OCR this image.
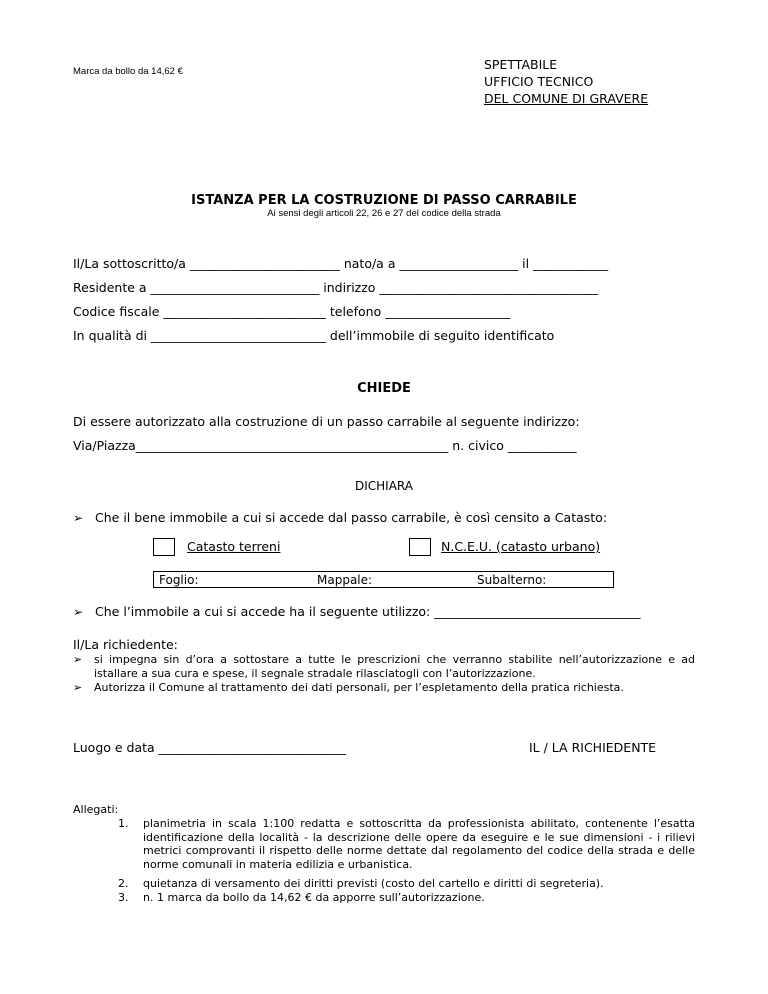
Marca da bollo da 14,62 €	SPETTABILE
UFFICIO TECNICO
DEL COMUNE DI GRAVERE
ISTANZA PER LA COSTRUZIONE DI PASSO CARRABILE
Ai sensi degli articoli 22, 26 e 27 del codice della strada
Il/La sottoscritto/a ________________________ nato/a a ___________________ il ____________
Residente a ___________________________ indirizzo ___________________________________
Codice fiscale __________________________ telefono ____________________
In qualità di ____________________________ dell’immobile di seguito identificato
CHIEDE
Di essere autorizzato alla costruzione di un passo carrabile al seguente indirizzo:
Via/Piazza__________________________________________________ n. civico ___________
DICHIARA
➢ Che il bene immobile a cui si accede dal passo carrabile, è così censito a Catasto:
Catasto terreni	N.C.E.U. (catasto urbano)
Foglio:	Mappale:	Subalterno:
➢ Che l’immobile a cui si accede ha il seguente utilizzo: _________________________________
Il/La richiedente:
➢ si impegna sin d’ora a sottostare a tutte le prescrizioni che verranno stabilite nell’autorizzazione e ad istallare a sua cura e spese, il segnale stradale rilasciatogli con l’autorizzazione.
➢ Autorizza il Comune al trattamento dei dati personali, per l’espletamento della pratica richiesta.
Luogo e data ______________________________	IL / LA RICHIEDENTE
Allegati:
1. planimetria in scala 1:100 redatta e sottoscritta da professionista abilitato, contenente l’esatta identificazione della località - la descrizione delle opere da eseguire e le sue dimensioni - i rilievi metrici comprovanti il rispetto delle norme dettate dal regolamento del codice della strada e delle norme comunali in materia edilizia e urbanistica.
2. quietanza di versamento dei diritti previsti (costo del cartello e diritti di segreteria).
3. n. 1 marca da bollo da 14,62 € da apporre sull’autorizzazione.
